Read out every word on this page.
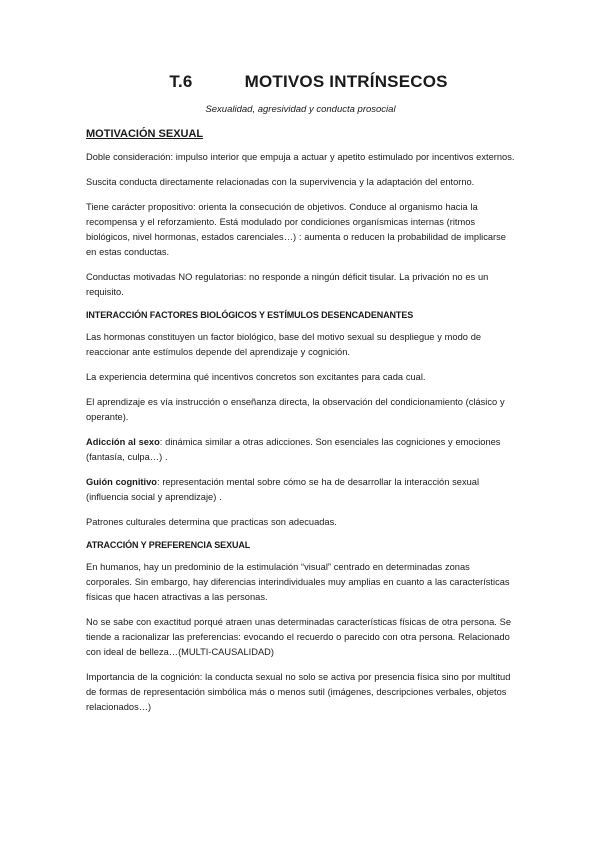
T.6	MOTIVOS INTRÍNSECOS
Sexualidad, agresividad y conducta prosocial
MOTIVACIÓN SEXUAL

Doble consideración: impulso interior que empuja a actuar y apetito estimulado por incentivos externos.

Suscita conducta directamente relacionadas con la supervivencia y la adaptación del entorno.

Tiene carácter propositivo: orienta la consecución de objetivos. Conduce al organismo hacia la recompensa y el reforzamiento. Está modulado por condiciones organísmicas internas (ritmos biológicos, nivel hormonas, estados carenciales…) : aumenta o reducen la probabilidad de implicarse en estas conductas.

Conductas motivadas NO regulatorias: no responde a ningún déficit tisular. La privación no es un requisito.

INTERACCIÓN FACTORES BIOLÓGICOS Y ESTÍMULOS DESENCADENANTES

Las hormonas constituyen un factor biológico, base del motivo sexual su despliegue y modo de reaccionar ante estímulos depende del aprendizaje y cognición.

La experiencia determina qué incentivos concretos son excitantes para cada cual.

El aprendizaje es vía instrucción o enseñanza directa, la observación del condicionamiento (clásico y operante).

Adicción al sexo: dinámica similar a otras adicciones. Son esenciales las cogniciones y emociones (fantasía, culpa…) .

Guión cognitivo: representación mental sobre cómo se ha de desarrollar la interacción sexual (influencia social y aprendizaje) .

Patrones culturales determina que practicas son adecuadas.

ATRACCIÓN Y PREFERENCIA SEXUAL

En humanos, hay un predominio de la estimulación “visual” centrado en determinadas zonas corporales. Sin embargo, hay diferencias interindividuales muy amplias en cuanto a las características físicas que hacen atractivas a las personas.

No se sabe con exactitud porqué atraen unas determinadas características físicas de otra persona. Se tiende a racionalizar las preferencias: evocando el recuerdo o parecido con otra persona. Relacionado con ideal de belleza…(MULTI-CAUSALIDAD)

Importancia de la cognición: la conducta sexual no solo se activa por presencia física sino por multitud de formas de representación simbólica más o menos sutil (imágenes, descripciones verbales, objetos relacionados…)
